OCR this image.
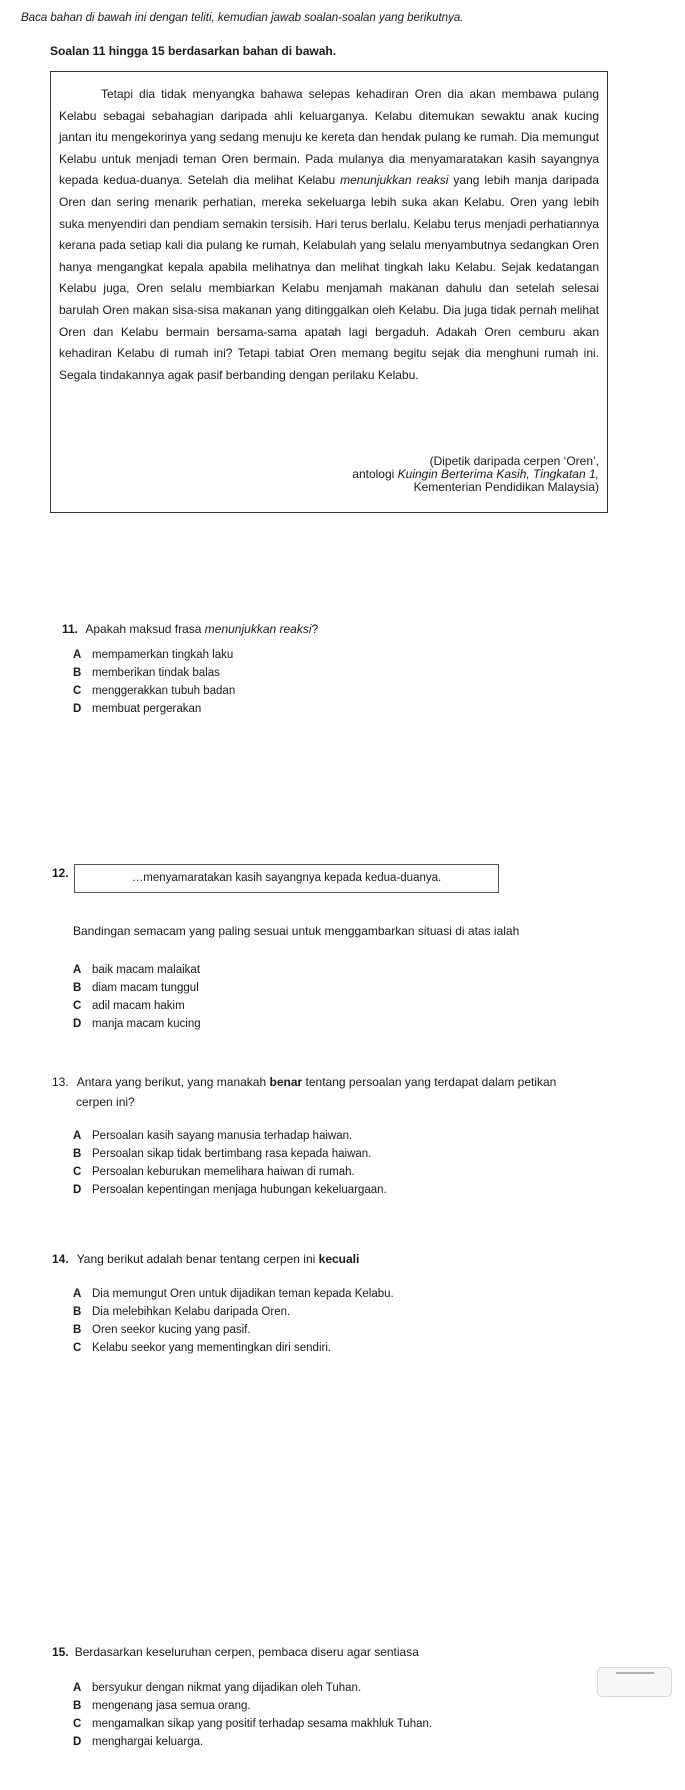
Baca bahan di bawah ini dengan teliti, kemudian jawab soalan-soalan yang berikutnya.
Soalan 11 hingga 15 berdasarkan bahan di bawah.

Tetapi dia tidak menyangka bahawa selepas kehadiran Oren dia akan membawa pulang Kelabu sebagai sebahagian daripada ahli keluarganya. Kelabu ditemukan sewaktu anak kucing jantan itu mengekorinya yang sedang menuju ke kereta dan hendak pulang ke rumah. Dia memungut Kelabu untuk menjadi teman Oren bermain. Pada mulanya dia menyamaratakan kasih sayangnya kepada kedua-duanya. Setelah dia melihat Kelabu menunjukkan reaksi yang lebih manja daripada Oren dan sering menarik perhatian, mereka sekeluarga lebih suka akan Kelabu. Oren yang lebih suka menyendiri dan pendiam semakin tersisih. Hari terus berlalu. Kelabu terus menjadi perhatiannya kerana pada setiap kali dia pulang ke rumah, Kelabulah yang selalu menyambutnya sedangkan Oren hanya mengangkat kepala apabila melihatnya dan melihat tingkah laku Kelabu. Sejak kedatangan Kelabu juga, Oren selalu membiarkan Kelabu menjamah makanan dahulu dan setelah selesai barulah Oren makan sisa-sisa makanan yang ditinggalkan oleh Kelabu. Dia juga tidak pernah melihat Oren dan Kelabu bermain bersama-sama apatah lagi bergaduh. Adakah Oren cemburu akan kehadiran Kelabu di rumah ini? Tetapi tabiat Oren memang begitu sejak dia menghuni rumah ini. Segala tindakannya agak pasif berbanding dengan perilaku Kelabu.

(Dipetik daripada cerpen ‘Oren’,
antologi Kuingin Berterima Kasih, Tingkatan 1,
Kementerian Pendidikan Malaysia)
11. Apakah maksud frasa menunjukkan reaksi?
A mempamerkan tingkah laku
B memberikan tindak balas
C menggerakkan tubuh badan
D membuat pergerakan
12.	…menyamaratakan kasih sayangnya kepada kedua-duanya.
Bandingan semacam yang paling sesuai untuk menggambarkan situasi di atas ialah
A baik macam malaikat
B diam macam tunggul
C adil macam hakim
D manja macam kucing
13. Antara yang berikut, yang manakah benar tentang persoalan yang terdapat dalam petikan
cerpen ini?
A Persoalan kasih sayang manusia terhadap haiwan.
B Persoalan sikap tidak bertimbang rasa kepada haiwan.
C Persoalan keburukan memelihara haiwan di rumah.
D Persoalan kepentingan menjaga hubungan kekeluargaan.
14. Yang berikut adalah benar tentang cerpen ini kecuali
A Dia memungut Oren untuk dijadikan teman kepada Kelabu.
B Dia melebihkan Kelabu daripada Oren.
B Oren seekor kucing yang pasif.
C Kelabu seekor yang mementingkan diri sendiri.
15. Berdasarkan keseluruhan cerpen, pembaca diseru agar sentiasa
A bersyukur dengan nikmat yang dijadikan oleh Tuhan.
B mengenang jasa semua orang.
C mengamalkan sikap yang positif terhadap sesama makhluk Tuhan.
D menghargai keluarga.
